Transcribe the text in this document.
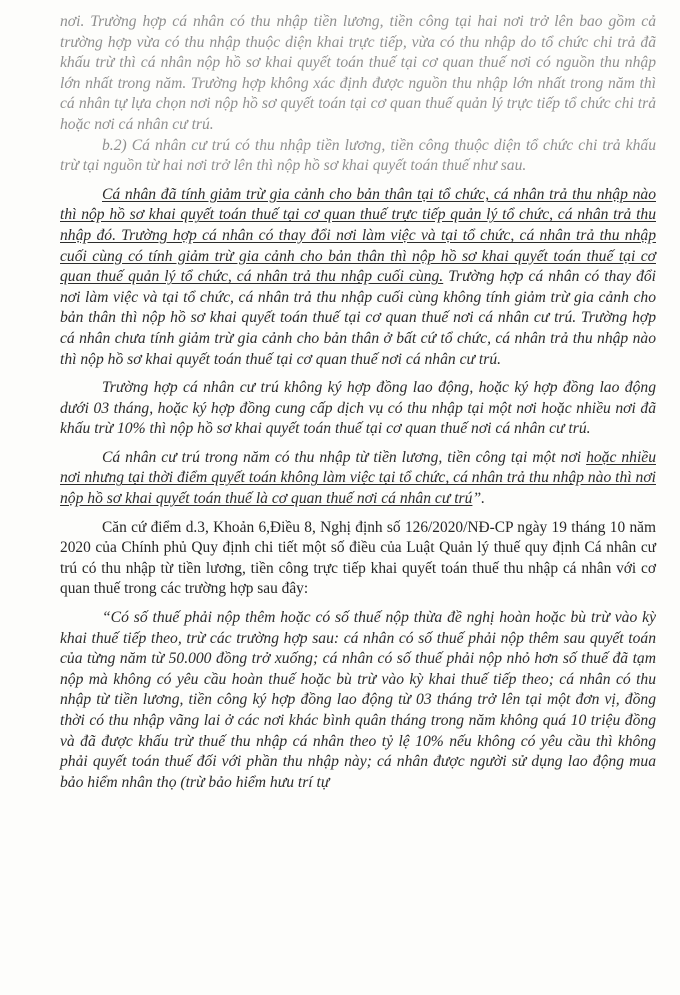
nơi. Trường hợp cá nhân có thu nhập tiền lương, tiền công tại hai nơi trở lên bao gồm cả trường hợp vừa có thu nhập thuộc diện khai trực tiếp, vừa có thu nhập do tổ chức chi trả đã khấu trừ thì cá nhân nộp hồ sơ khai quyết toán thuế tại cơ quan thuế nơi có nguồn thu nhập lớn nhất trong năm. Trường hợp không xác định được nguồn thu nhập lớn nhất trong năm thì cá nhân tự lựa chọn nơi nộp hồ sơ quyết toán tại cơ quan thuế quản lý trực tiếp tổ chức chi trả hoặc nơi cá nhân cư trú.

b.2) Cá nhân cư trú có thu nhập tiền lương, tiền công thuộc diện tổ chức chi trả khấu trừ tại nguồn từ hai nơi trở lên thì nộp hồ sơ khai quyết toán thuế như sau.

Cá nhân đã tính giảm trừ gia cảnh cho bản thân tại tổ chức, cá nhân trả thu nhập nào thì nộp hồ sơ khai quyết toán thuế tại cơ quan thuế trực tiếp quản lý tổ chức, cá nhân trả thu nhập đó. Trường hợp cá nhân có thay đổi nơi làm việc và tại tổ chức, cá nhân trả thu nhập cuối cùng có tính giảm trừ gia cảnh cho bản thân thì nộp hồ sơ khai quyết toán thuế tại cơ quan thuế quản lý tổ chức, cá nhân trả thu nhập cuối cùng. Trường hợp cá nhân có thay đổi nơi làm việc và tại tổ chức, cá nhân trả thu nhập cuối cùng không tính giảm trừ gia cảnh cho bản thân thì nộp hồ sơ khai quyết toán thuế tại cơ quan thuế nơi cá nhân cư trú. Trường hợp cá nhân chưa tính giảm trừ gia cảnh cho bản thân ở bất cứ tổ chức, cá nhân trả thu nhập nào thì nộp hồ sơ khai quyết toán thuế tại cơ quan thuế nơi cá nhân cư trú.

Trường hợp cá nhân cư trú không ký hợp đồng lao động, hoặc ký hợp đồng lao động dưới 03 tháng, hoặc ký hợp đồng cung cấp dịch vụ có thu nhập tại một nơi hoặc nhiều nơi đã khấu trừ 10% thì nộp hồ sơ khai quyết toán thuế tại cơ quan thuế nơi cá nhân cư trú.

Cá nhân cư trú trong năm có thu nhập từ tiền lương, tiền công tại một nơi hoặc nhiều nơi nhưng tại thời điểm quyết toán không làm việc tại tổ chức, cá nhân trả thu nhập nào thì nơi nộp hồ sơ khai quyết toán thuế là cơ quan thuế nơi cá nhân cư trú”.

Căn cứ điểm d.3, Khoản 6,Điều 8, Nghị định số 126/2020/NĐ-CP ngày 19 tháng 10 năm 2020 của Chính phủ Quy định chi tiết một số điều của Luật Quản lý thuế quy định Cá nhân cư trú có thu nhập từ tiền lương, tiền công trực tiếp khai quyết toán thuế thu nhập cá nhân với cơ quan thuế trong các trường hợp sau đây:

“Có số thuế phải nộp thêm hoặc có số thuế nộp thừa đề nghị hoàn hoặc bù trừ vào kỳ khai thuế tiếp theo, trừ các trường hợp sau: cá nhân có số thuế phải nộp thêm sau quyết toán của từng năm từ 50.000 đồng trở xuống; cá nhân có số thuế phải nộp nhỏ hơn số thuế đã tạm nộp mà không có yêu cầu hoàn thuế hoặc bù trừ vào kỳ khai thuế tiếp theo; cá nhân có thu nhập từ tiền lương, tiền công ký hợp đồng lao động từ 03 tháng trở lên tại một đơn vị, đồng thời có thu nhập vãng lai ở các nơi khác bình quân tháng trong năm không quá 10 triệu đồng và đã được khấu trừ thuế thu nhập cá nhân theo tỷ lệ 10% nếu không có yêu cầu thì không phải quyết toán thuế đối với phần thu nhập này; cá nhân được người sử dụng lao động mua bảo hiểm nhân thọ (trừ bảo hiểm hưu trí tự
